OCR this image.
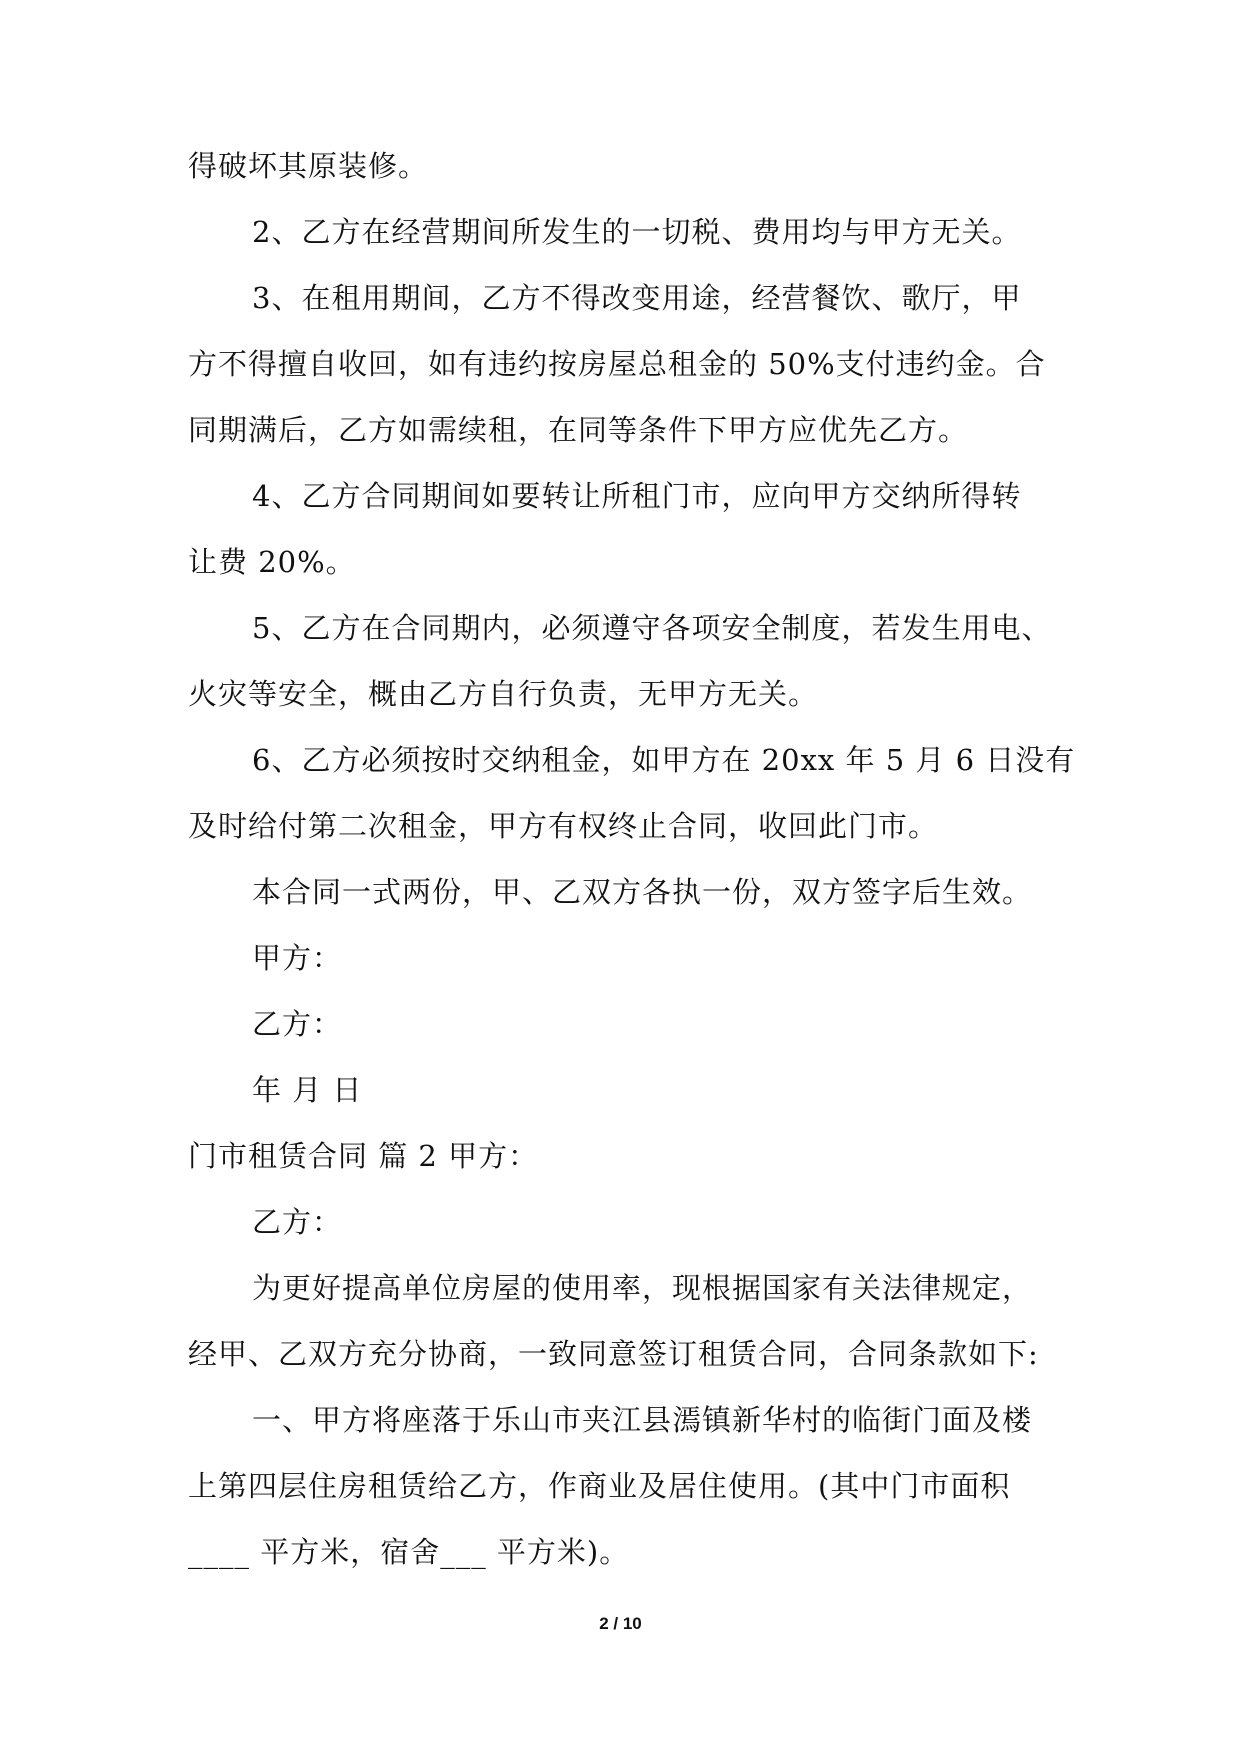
得破坏其原装修。
2、乙方在经营期间所发生的一切税、费用均与甲方无关。
3、在租用期间，乙方不得改变用途，经营餐饮、歌厅，甲
方不得擅自收回，如有违约按房屋总租金的 50%支付违约金。合
同期满后，乙方如需续租，在同等条件下甲方应优先乙方。
4、乙方合同期间如要转让所租门市，应向甲方交纳所得转
让费 20%。
5、乙方在合同期内，必须遵守各项安全制度，若发生用电、
火灾等安全，概由乙方自行负责，无甲方无关。
6、乙方必须按时交纳租金，如甲方在 20xx 年 5 月 6 日没有
及时给付第二次租金，甲方有权终止合同，收回此门市。
本合同一式两份，甲、乙双方各执一份，双方签字后生效。
甲方：
乙方：
年 月 日
门市租赁合同 篇 2 甲方：
乙方：
为更好提高单位房屋的使用率，现根据国家有关法律规定，
经甲、乙双方充分协商，一致同意签订租赁合同，合同条款如下:
一、甲方将座落于乐山市夹江县漹镇新华村的临街门面及楼
上第四层住房租赁给乙方，作商业及居住使用。(其中门市面积
____ 平方米，宿舍___ 平方米)。
2 / 10
